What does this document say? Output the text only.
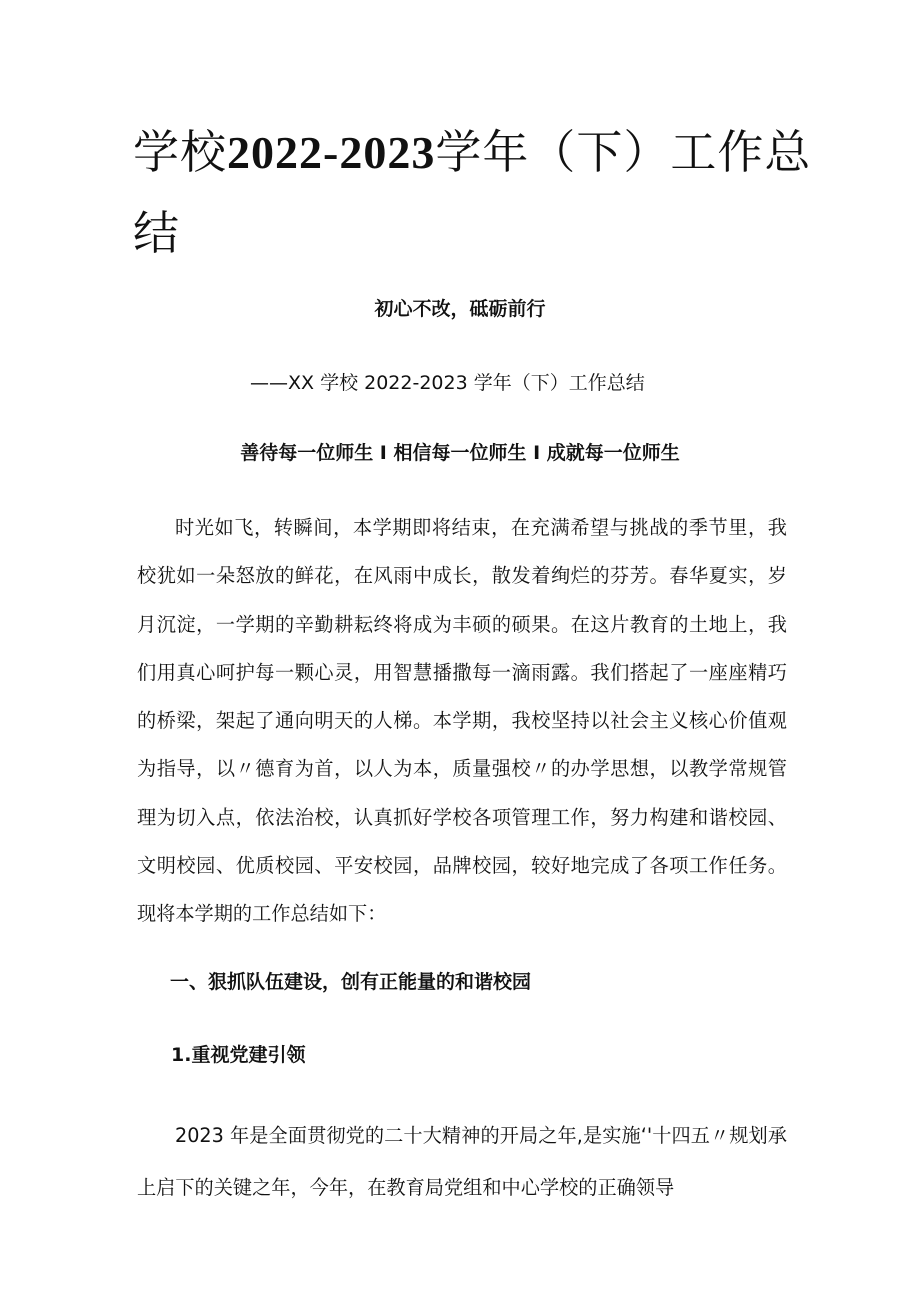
学校2022-2023学年（下）工作总结
初心不改，砥砺前行
——XX 学校 2022-2023 学年（下）工作总结
善待每一位师生 I 相信每一位师生 I 成就每一位师生

时光如飞，转瞬间，本学期即将结束，在充满希望与挑战的季节里，我校犹如一朵怒放的鲜花，在风雨中成长，散发着绚烂的芬芳。春华夏实，岁月沉淀，一学期的辛勤耕耘终将成为丰硕的硕果。在这片教育的土地上，我们用真心呵护每一颗心灵，用智慧播撒每一滴雨露。我们搭起了一座座精巧的桥梁，架起了通向明天的人梯。本学期，我校坚持以社会主义核心价值观为指导，以〃德育为首，以人为本，质量强校〃的办学思想，以教学常规管理为切入点，依法治校，认真抓好学校各项管理工作，努力构建和谐校园、文明校园、优质校园、平安校园，品牌校园，较好地完成了各项工作任务。现将本学期的工作总结如下：

一、狠抓队伍建设，创有正能量的和谐校园
1.重视党建引领

2023 年是全面贯彻党的二十大精神的开局之年,是实施‘'十四五〃规划承上启下的关键之年，今年，在教育局党组和中心学校的正确领导
